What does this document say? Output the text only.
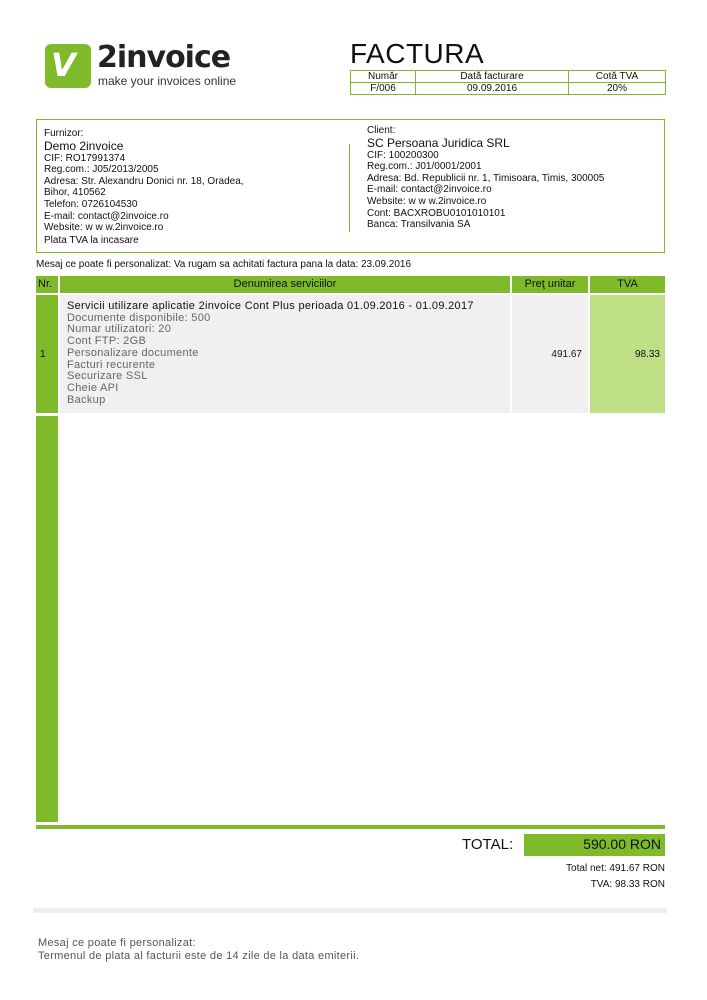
V 2invoice
make your invoices online
FACTURA
Număr	Dată facturare	Cotă TVA
F/006	09.09.2016	20%
Furnizor:
Demo 2invoice
CIF: RO17991374
Reg.com.: J05/2013/2005
Adresa: Str. Alexandru Donici nr. 18, Oradea,
Bihor, 410562
Telefon: 0726104530
E-mail: contact@2invoice.ro
Website: w w w.2invoice.ro
Plata TVA la incasare
Client:
SC Persoana Juridica SRL
CIF: 100200300
Reg.com.: J01/0001/2001
Adresa: Bd. Republicii nr. 1, Timisoara, Timis, 300005
E-mail: contact@2invoice.ro
Website: w w w.2invoice.ro
Cont: BACXROBU0101010101
Banca: Transilvania SA
Mesaj ce poate fi personalizat: Va rugam sa achitati factura pana la data: 23.09.2016
Nr.	Denumirea serviciilor	Preţ unitar	TVA
1
Servicii utilizare aplicatie 2invoice Cont Plus perioada 01.09.2016 - 01.09.2017
Documente disponibile: 500
Numar utilizatori: 20
Cont FTP: 2GB
Personalizare documente
Facturi recurente
Securizare SSL
Cheie API
Backup
491.67	98.33
TOTAL:	590.00 RON
Total net: 491.67 RON
TVA: 98.33 RON
Mesaj ce poate fi personalizat:
Termenul de plata al facturii este de 14 zile de la data emiterii.
